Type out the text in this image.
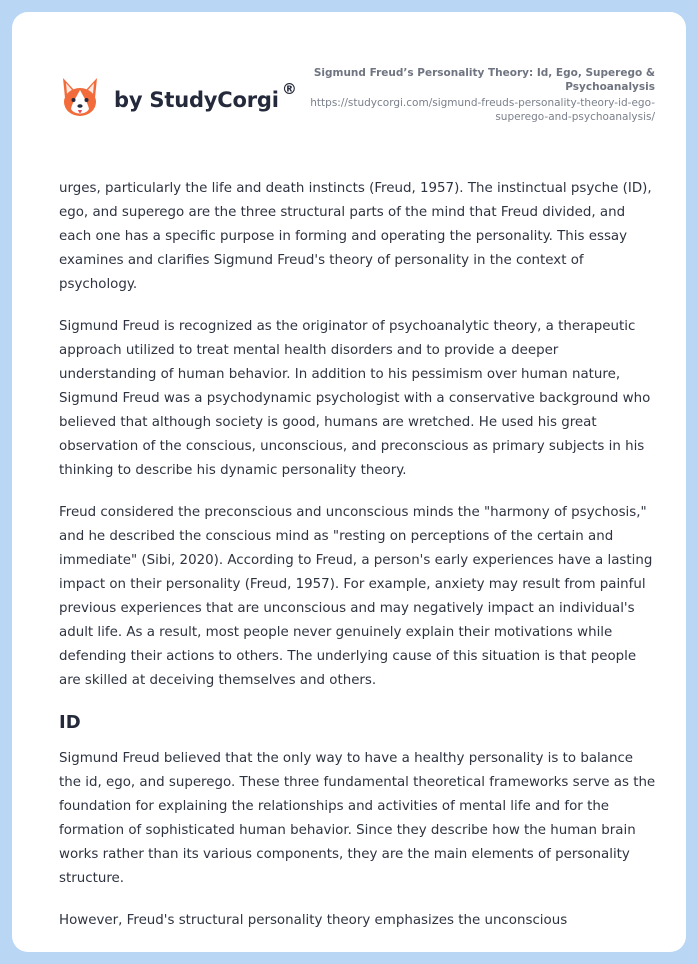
by StudyCorgi ®
Sigmund Freud’s Personality Theory: Id, Ego, Superego & Psychoanalysis
https://studycorgi.com/sigmund-freuds-personality-theory-id-ego-superego-and-psychoanalysis/

urges, particularly the life and death instincts (Freud, 1957). The instinctual psyche (ID), ego, and superego are the three structural parts of the mind that Freud divided, and each one has a specific purpose in forming and operating the personality. This essay examines and clarifies Sigmund Freud's theory of personality in the context of psychology.

Sigmund Freud is recognized as the originator of psychoanalytic theory, a therapeutic approach utilized to treat mental health disorders and to provide a deeper understanding of human behavior. In addition to his pessimism over human nature, Sigmund Freud was a psychodynamic psychologist with a conservative background who believed that although society is good, humans are wretched. He used his great observation of the conscious, unconscious, and preconscious as primary subjects in his thinking to describe his dynamic personality theory.

Freud considered the preconscious and unconscious minds the "harmony of psychosis," and he described the conscious mind as "resting on perceptions of the certain and immediate" (Sibi, 2020). According to Freud, a person's early experiences have a lasting impact on their personality (Freud, 1957). For example, anxiety may result from painful previous experiences that are unconscious and may negatively impact an individual's adult life. As a result, most people never genuinely explain their motivations while defending their actions to others. The underlying cause of this situation is that people are skilled at deceiving themselves and others.

ID

Sigmund Freud believed that the only way to have a healthy personality is to balance the id, ego, and superego. These three fundamental theoretical frameworks serve as the foundation for explaining the relationships and activities of mental life and for the formation of sophisticated human behavior. Since they describe how the human brain works rather than its various components, they are the main elements of personality structure.

However, Freud's structural personality theory emphasizes the unconscious
